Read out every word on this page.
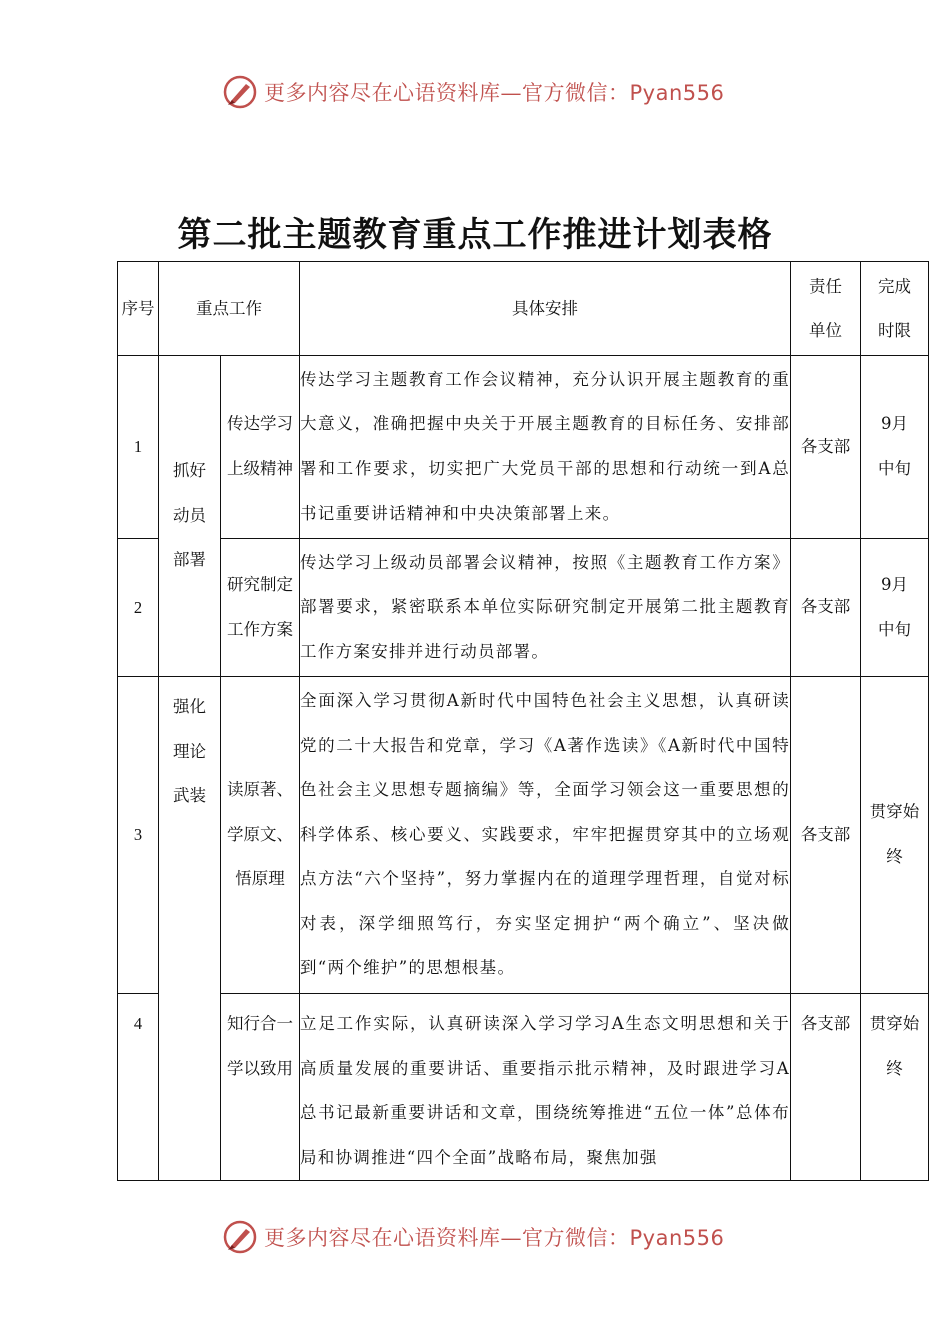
更多内容尽在心语资料库—官方微信：Pyan556
第二批主题教育重点工作推进计划表格
序号	重点工作		具体安排	责任单位	完成时限

1	抓好动员部署	传达学习上级精神	传达学习主题教育工作会议精神，充分认识开展主题教育的重大意义，准确把握中央关于开展主题教育的目标任务、安排部署和工作要求，切实把广大党员干部的思想和行动统一到A总书记重要讲话精神和中央决策部署上来。	各支部	9月中旬

2		研究制定工作方案	传达学习上级动员部署会议精神，按照《主题教育工作方案》部署要求，紧密联系本单位实际研究制定开展第二批主题教育工作方案安排并进行动员部署。	各支部	9月中旬

3	强化理论武装	读原著、学原文、悟原理	全面深入学习贯彻A新时代中国特色社会主义思想，认真研读党的二十大报告和党章，学习《A著作选读》《A新时代中国特色社会主义思想专题摘编》等，全面学习领会这一重要思想的科学体系、核心要义、实践要求，牢牢把握贯穿其中的立场观点方法“六个坚持”，努力掌握内在的道理学理哲理，自觉对标对表，深学细照笃行，夯实坚定拥护“两个确立”、坚决做到“两个维护”的思想根基。	各支部	贯穿始终

4		知行合一学以致用	立足工作实际，认真研读深入学习学习A生态文明思想和关于高质量发展的重要讲话、重要指示批示精神，及时跟进学习A总书记最新重要讲话和文章，围绕统筹推进“五位一体”总体布局和协调推进“四个全面”战略布局，聚焦加强	各支部	贯穿始终
更多内容尽在心语资料库—官方微信：Pyan556
